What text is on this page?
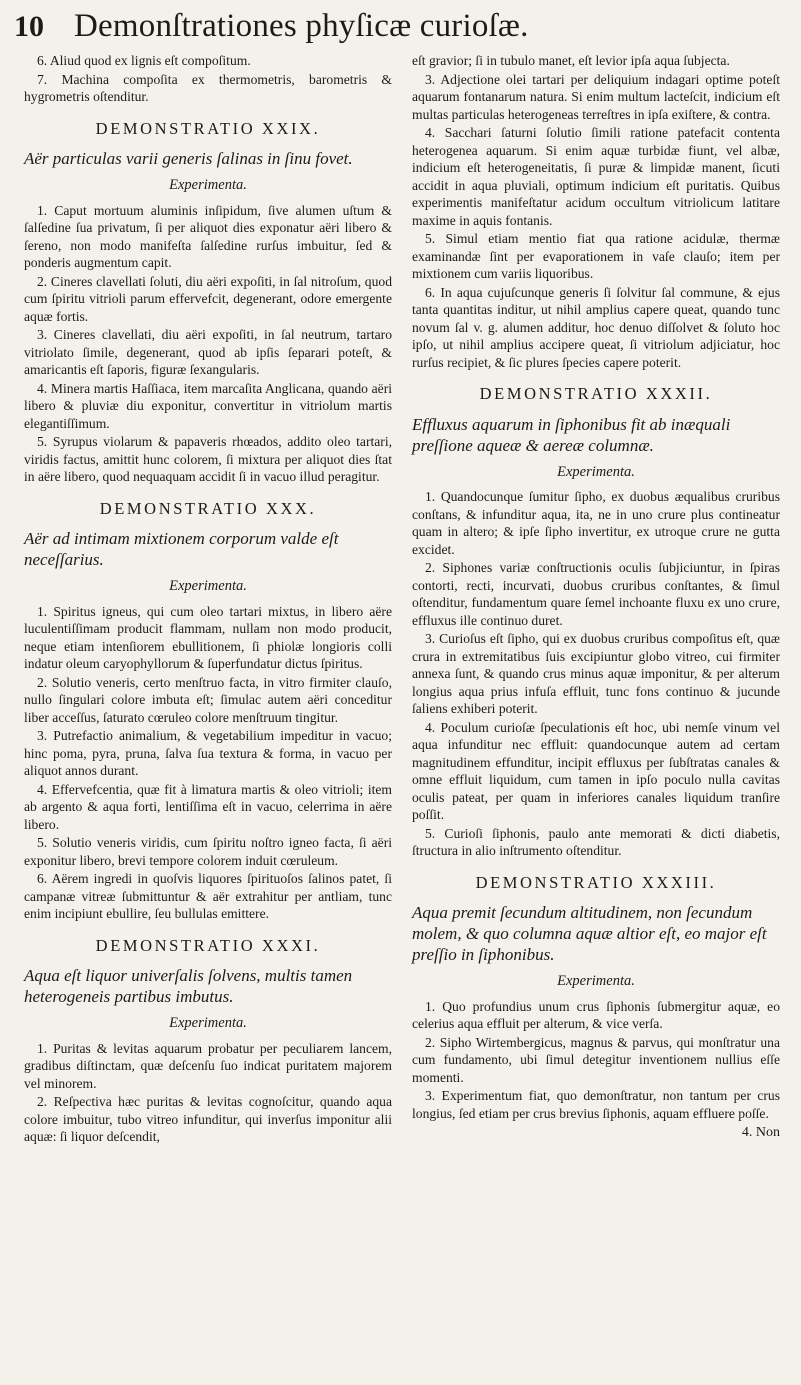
10 Demonſtrationes phyſicæ curioſæ.

6. Aliud quod ex lignis eſt compoſitum.

7. Machina compoſita ex thermometris, barometris & hygrometris oſtenditur.

DEMONSTRATIO XXIX.
Aër particulas varii generis ſalinas in ſinu fovet.
Experimenta.

1. Caput mortuum aluminis inſipidum, ſive alumen uſtum & ſalſedine ſua privatum, ſi per aliquot dies exponatur aëri libero & ſereno, non modo manifeſta ſalſedine rurſus imbuitur, ſed & ponderis augmentum capit.

2. Cineres clavellati ſoluti, diu aëri expoſiti, in ſal nitroſum, quod cum ſpiritu vitrioli parum effervefcit, degenerant, odore emergente aquæ fortis.

3. Cineres clavellati, diu aëri expoſiti, in ſal neutrum, tartaro vitriolato ſimile, degenerant, quod ab ipſis ſeparari poteſt, & amaricantis eſt ſaporis, figuræ ſexangularis.

4. Minera martis Haſſiaca, item marcaſita Anglicana, quando aëri libero & pluviæ diu exponitur, convertitur in vitriolum martis elegantiſſimum.

5. Syrupus violarum & papaveris rhœados, addito oleo tartari, viridis factus, amittit hunc colorem, ſi mixtura per aliquot dies ſtat in aëre libero, quod nequaquam accidit ſi in vacuo illud peragitur.

DEMONSTRATIO XXX.
Aër ad intimam mixtionem corporum valde eſt neceſſarius.
Experimenta.

1. Spiritus igneus, qui cum oleo tartari mixtus, in libero aëre luculentiſſimam producit flammam, nullam non modo producit, neque etiam intenſiorem ebullitionem, ſi phiolæ longioris colli indatur oleum caryophyllorum & ſuperfundatur dictus ſpiritus.

2. Solutio veneris, certo menſtruo facta, in vitro firmiter clauſo, nullo ſingulari colore imbuta eſt; ſimulac autem aëri conceditur liber acceſſus, ſaturato cœruleo colore menſtruum tingitur.

3. Putrefactio animalium, & vegetabilium impeditur in vacuo; hinc poma, pyra, pruna, ſalva ſua textura & forma, in vacuo per aliquot annos durant.

4. Effervefcentia, quæ fit à limatura martis & oleo vitrioli; item ab argento & aqua forti, lentiſſima eſt in vacuo, celerrima in aëre libero.

5. Solutio veneris viridis, cum ſpiritu noſtro igneo facta, ſi aëri exponitur libero, brevi tempore colorem induit cœruleum.

6. Aërem ingredi in quoſvis liquores ſpirituoſos ſalinos patet, ſi campanæ vitreæ ſubmittuntur & aër extrahitur per antliam, tunc enim incipiunt ebullire, ſeu bullulas emittere.

DEMONSTRATIO XXXI.
Aqua eſt liquor univerſalis ſolvens, multis tamen heterogeneis partibus imbutus.
Experimenta.

1. Puritas & levitas aquarum probatur per peculiarem lancem, gradibus diſtinctam, quæ deſcenſu ſuo indicat puritatem majorem vel minorem.

2. Reſpectiva hæc puritas & levitas cognoſcitur, quando aqua colore imbuitur, tubo vitreo infunditur, qui inverſus imponitur alii aquæ: ſi liquor deſcendit,

eſt gravior; ſi in tubulo manet, eſt levior ipſa aqua ſubjecta.

3. Adjectione olei tartari per deliquium indagari optime poteſt aquarum fontanarum natura. Si enim multum lacteſcit, indicium eſt multas particulas heterogeneas terreſtres in ipſa exiſtere, & contra.

4. Sacchari ſaturni ſolutio ſimili ratione patefacit contenta heterogenea aquarum. Si enim aquæ turbidæ fiunt, vel albæ, indicium eſt heterogeneitatis, ſi puræ & limpidæ manent, ſicuti accidit in aqua pluviali, optimum indicium eſt puritatis. Quibus experimentis manifeſtatur acidum occultum vitriolicum latitare maxime in aquis fontanis.

5. Simul etiam mentio fiat qua ratione acidulæ, thermæ examinandæ ſint per evaporationem in vaſe clauſo; item per mixtionem cum variis liquoribus.

6. In aqua cujuſcunque generis ſi ſolvitur ſal commune, & ejus tanta quantitas inditur, ut nihil amplius capere queat, quando tunc novum ſal v. g. alumen additur, hoc denuo diſſolvet & ſoluto hoc ipſo, ut nihil amplius accipere queat, ſi vitriolum adjiciatur, hoc rurſus recipiet, & ſic plures ſpecies capere poterit.

DEMONSTRATIO XXXII.
Effluxus aquarum in ſiphonibus fit ab inæquali preſſione aqueæ & aereæ columnæ.
Experimenta.

1. Quandocunque ſumitur ſipho, ex duobus æqualibus cruribus conſtans, & infunditur aqua, ita, ne in uno crure plus contineatur quam in altero; & ipſe ſipho invertitur, ex utroque crure ne gutta excidet.

2. Siphones variæ conſtructionis oculis ſubjiciuntur, in ſpiras contorti, recti, incurvati, duobus cruribus conſtantes, & ſimul oſtenditur, fundamentum quare ſemel inchoante fluxu ex uno crure, effluxus ille continuo duret.

3. Curioſus eſt ſipho, qui ex duobus cruribus compoſitus eſt, quæ crura in extremitatibus ſuis excipiuntur globo vitreo, cui firmiter annexa ſunt, & quando crus minus aquæ imponitur, & per alterum longius aqua prius infuſa effluit, tunc fons continuo & jucunde ſaliens exhiberi poterit.

4. Poculum curioſæ ſpeculationis eſt hoc, ubi nemſe vinum vel aqua infunditur nec effluit: quandocunque autem ad certam magnitudinem effunditur, incipit effluxus per ſubſtratas canales & omne effluit liquidum, cum tamen in ipſo poculo nulla cavitas oculis pateat, per quam in inferiores canales liquidum tranſire poſſit.

5. Curioſi ſiphonis, paulo ante memorati & dicti diabetis, ſtructura in alio inſtrumento oſtenditur.

DEMONSTRATIO XXXIII.
Aqua premit ſecundum altitudinem, non ſecundum molem, & quo columna aquæ altior eſt, eo major eſt preſſio in ſiphonibus.
Experimenta.

1. Quo profundius unum crus ſiphonis ſubmergitur aquæ, eo celerius aqua effluit per alterum, & vice verſa.

2. Sipho Wirtembergicus, magnus & parvus, qui monſtratur una cum fundamento, ubi ſimul detegitur inventionem nullius eſſe momenti.

3. Experimentum fiat, quo demonſtratur, non tantum per crus longius, ſed etiam per crus brevius ſiphonis, aquam effluere poſſe.

4. Non
